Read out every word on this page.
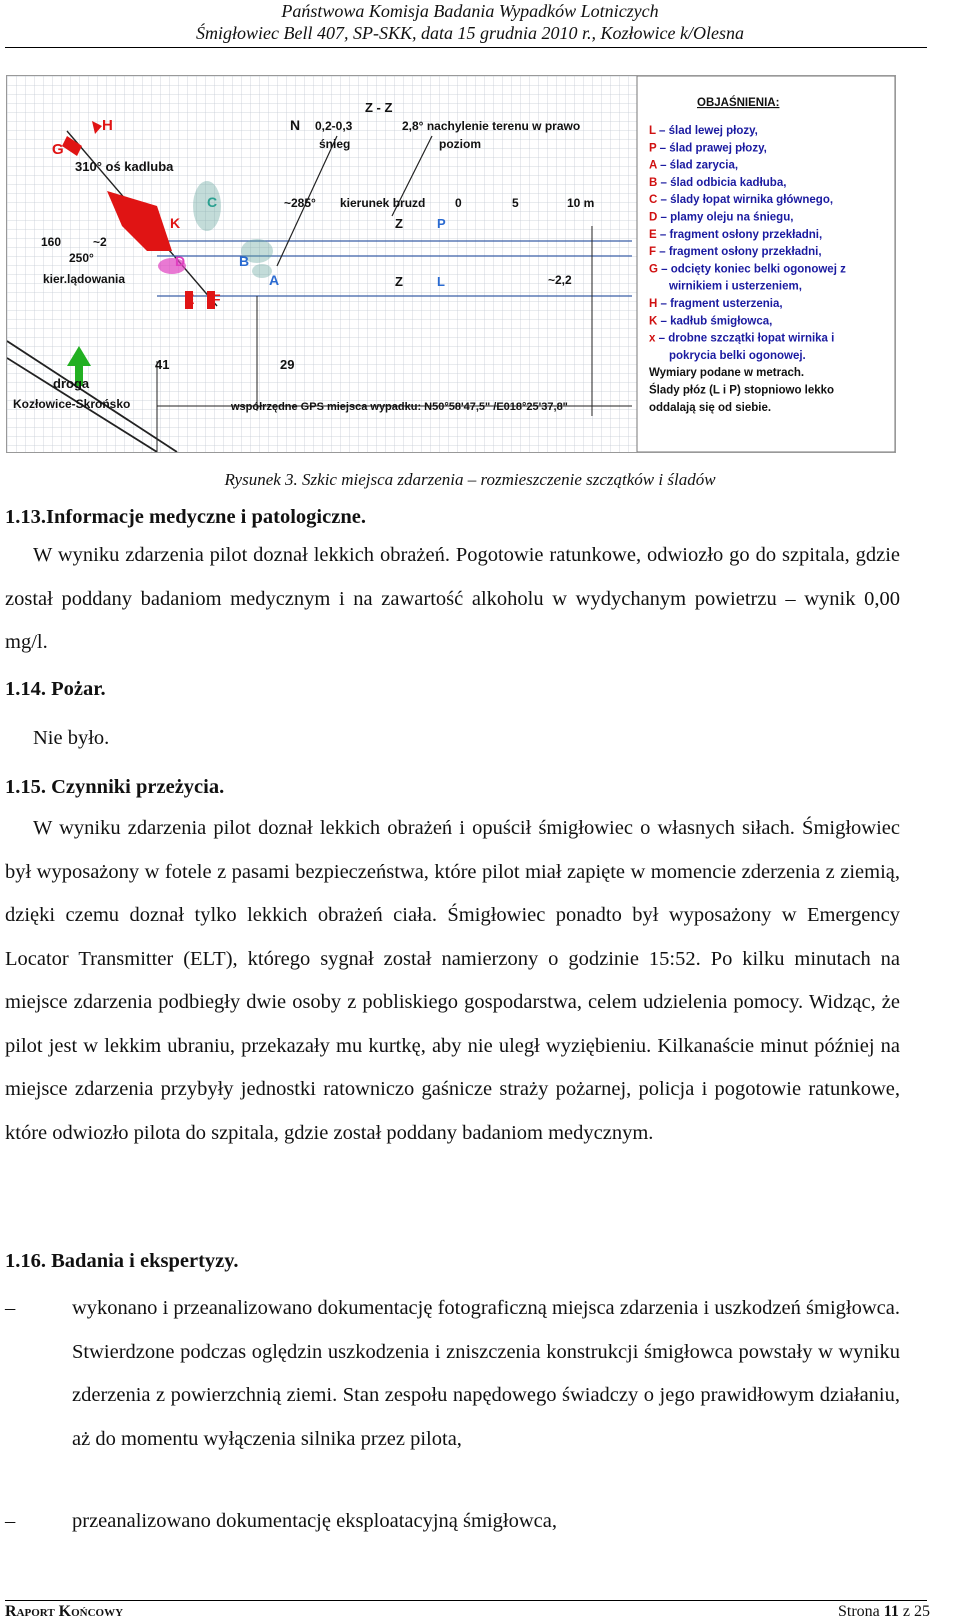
Państwowa Komisja Badania Wypadków Lotniczych
Śmigłowiec Bell 407, SP-SKK, data 15 grudnia 2010 r., Kozłowice k/Olesna
H
G
310° oś kadluba
N 0,2-0,3
śnieg
Z - Z
2,8° nachylenie terenu w prawo
poziom
~285° kierunek bruzd 0	5	10 m
C
K
D	B
A
E F
Z	P
Z	L
160	~2
250°
kier.lądowania	~2,2
41	29
droga
Kozłowice-Skrońsko	współrzędne GPS miejsca wypadku: N50°58'47,5" /E018°25'37,8"
OBJAŚNIENIA:
L – ślad lewej płozy,
P – ślad prawej płozy,
A – ślad zarycia,
B – ślad odbicia kadłuba,
C – ślady łopat wirnika głównego,
D – plamy oleju na śniegu,
E – fragment osłony przekładni,
F – fragment osłony przekładni,
G – odcięty koniec belki ogonowej z
wirnikiem i usterzeniem,
H – fragment usterzenia,
K – kadłub śmigłowca,
x – drobne szczątki łopat wirnika i
pokrycia belki ogonowej.
Wymiary podane w metrach.
Ślady płóz (L i P) stopniowo lekko
oddalają się od siebie.
Rysunek 3. Szkic miejsca zdarzenia – rozmieszczenie szczątków i śladów
1.13.Informacje medyczne i patologiczne.

W wyniku zdarzenia pilot doznał lekkich obrażeń. Pogotowie ratunkowe, odwiozło go do szpitala, gdzie został poddany badaniom medycznym i na zawartość alkoholu w wydychanym powietrzu – wynik 0,00 mg/l.

1.14. Pożar.

Nie było.

1.15. Czynniki przeżycia.

W wyniku zdarzenia pilot doznał lekkich obrażeń i opuścił śmigłowiec o własnych siłach. Śmigłowiec był wyposażony w fotele z pasami bezpieczeństwa, które pilot miał zapięte w momencie zderzenia z ziemią, dzięki czemu doznał tylko lekkich obrażeń ciała. Śmigłowiec ponadto był wyposażony w Emergency Locator Transmitter (ELT), którego sygnał został namierzony o godzinie 15:52. Po kilku minutach na miejsce zdarzenia podbiegły dwie osoby z pobliskiego gospodarstwa, celem udzielenia pomocy. Widząc, że pilot jest w lekkim ubraniu, przekazały mu kurtkę, aby nie uległ wyziębieniu. Kilkanaście minut później na miejsce zdarzenia przybyły jednostki ratowniczo gaśnicze straży pożarnej, policja i pogotowie ratunkowe, które odwiozło pilota do szpitala, gdzie został poddany badaniom medycznym.

1.16. Badania i ekspertyzy.
–	wykonano i przeanalizowano dokumentację fotograficzną miejsca zdarzenia i uszkodzeń śmigłowca. Stwierdzone podczas oględzin uszkodzenia i zniszczenia konstrukcji śmigłowca powstały w wyniku zderzenia z powierzchnią ziemi. Stan zespołu napędowego świadczy o jego prawidłowym działaniu, aż do momentu wyłączenia silnika przez pilota,
–	przeanalizowano dokumentację eksploatacyjną śmigłowca,
Raport Końcowy	Strona 11 z 25
